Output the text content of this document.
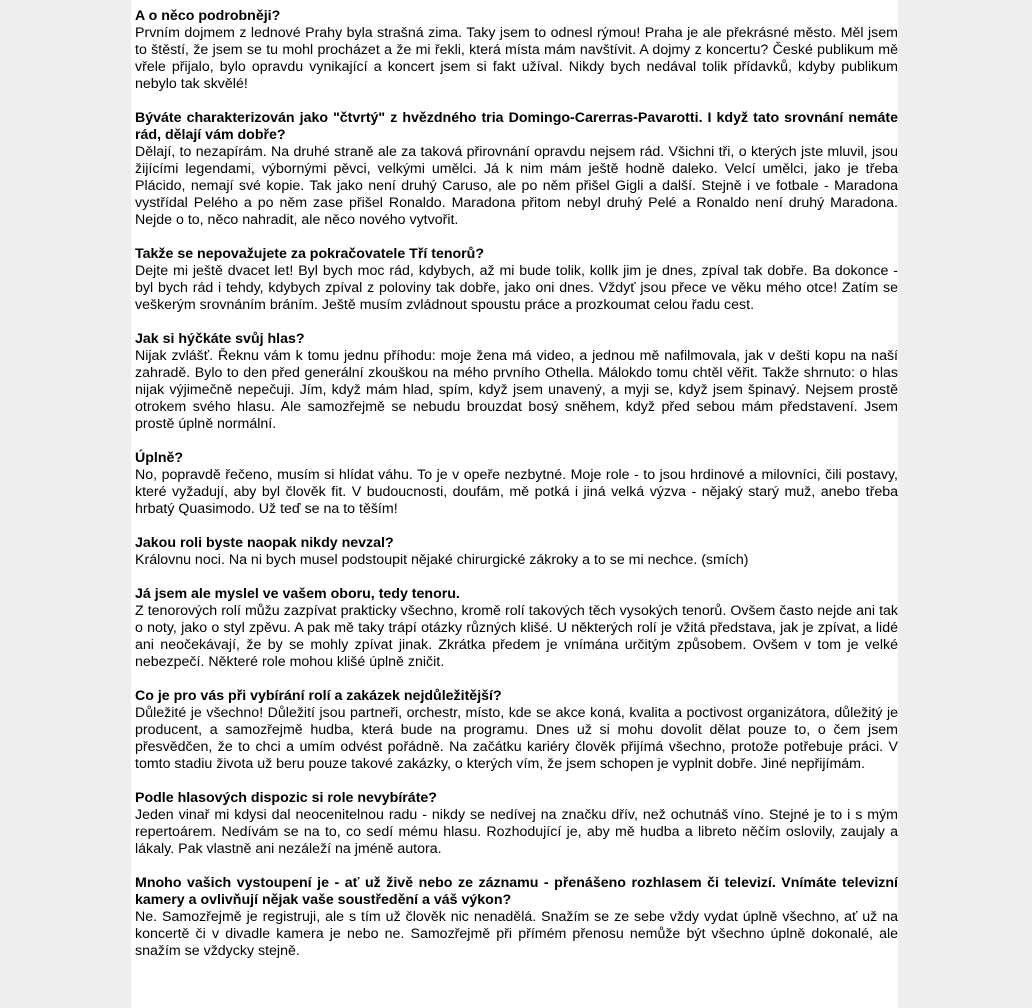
A o něco podrobněji?

Prvním dojmem z lednové Prahy byla strašná zima. Taky jsem to odnesl rýmou! Praha je ale překrásné město. Měl jsem to štěstí, že jsem se tu mohl procházet a že mi řekli, která místa mám navštívit. A dojmy z koncertu? České publikum mě vřele přijalo, bylo opravdu vynikající a koncert jsem si fakt užíval. Nikdy bych nedával tolik přídavků, kdyby publikum nebylo tak skvělé!

Býváte charakterizován jako "čtvrtý" z hvězdného tria Domingo-Carerras-Pavarotti. I když tato srovnání nemáte rád, dělají vám dobře?

Dělají, to nezapírám. Na druhé straně ale za taková přirovnání opravdu nejsem rád. Všichni tři, o kterých jste mluvil, jsou žijícími legendami, výbornými pěvci, velkými umělci. Já k nim mám ještě hodně daleko. Velcí umělci, jako je třeba Plácido, nemají své kopie. Tak jako není druhý Caruso, ale po něm přišel Gigli a další. Stejně i ve fotbale - Maradona vystřídal Pelého a po něm zase přišel Ronaldo. Maradona přitom nebyl druhý Pelé a Ronaldo není druhý Maradona. Nejde o to, něco nahradit, ale něco nového vytvořit.

Takže se nepovažujete za pokračovatele Tří tenorů?

Dejte mi ještě dvacet let! Byl bych moc rád, kdybych, až mi bude tolik, kollk jim je dnes, zpíval tak dobře. Ba dokonce - byl bych rád i tehdy, kdybych zpíval z poloviny tak dobře, jako oni dnes. Vždyť jsou přece ve věku mého otce! Zatím se veškerým srovnáním bráním. Ještě musím zvládnout spoustu práce a prozkoumat celou řadu cest.

Jak si hýčkáte svůj hlas?

Nijak zvlášť. Řeknu vám k tomu jednu příhodu: moje žena má video, a jednou mě nafilmovala, jak v dešti kopu na naší zahradě. Bylo to den před generální zkouškou na mého prvního Othella. Málokdo tomu chtěl věřit. Takže shrnuto: o hlas nijak výjimečně nepečuji. Jím, když mám hlad, spím, když jsem unavený, a myji se, když jsem špinavý. Nejsem prostě otrokem svého hlasu. Ale samozřejmě se nebudu brouzdat bosý sněhem, když před sebou mám představení. Jsem prostě úplně normální.

Úplně?

No, popravdě řečeno, musím si hlídat váhu. To je v opeře nezbytné. Moje role - to jsou hrdinové a milovníci, čili postavy, které vyžadují, aby byl člověk fit. V budoucnosti, doufám, mě potká i jiná velká výzva - nějaký starý muž, anebo třeba hrbatý Quasimodo. Už teď se na to těším!

Jakou roli byste naopak nikdy nevzal?

Královnu noci. Na ni bych musel podstoupit nějaké chirurgické zákroky a to se mi nechce. (smích)

Já jsem ale myslel ve vašem oboru, tedy tenoru.

Z tenorových rolí můžu zazpívat prakticky všechno, kromě rolí takových těch vysokých tenorů. Ovšem často nejde ani tak o noty, jako o styl zpěvu. A pak mě taky trápí otázky různých klišé. U některých rolí je vžitá představa, jak je zpívat, a lidé ani neočekávají, že by se mohly zpívat jinak. Zkrátka předem je vnímána určitým způsobem. Ovšem v tom je velké nebezpečí. Některé role mohou klišé úplně zničit.

Co je pro vás při vybírání rolí a zakázek nejdůležitější?

Důležité je všechno! Důležití jsou partneři, orchestr, místo, kde se akce koná, kvalita a poctivost organizátora, důležitý je producent, a samozřejmě hudba, která bude na programu. Dnes už si mohu dovolit dělat pouze to, o čem jsem přesvědčen, že to chci a umím odvést pořádně. Na začátku kariéry člověk přijímá všechno, protože potřebuje práci. V tomto stadiu života už beru pouze takové zakázky, o kterých vím, že jsem schopen je vyplnit dobře. Jiné nepřijímám.

Podle hlasových dispozic si role nevybíráte?

Jeden vinař mi kdysi dal neocenitelnou radu - nikdy se nedívej na značku dřív, než ochutnáš víno. Stejné je to i s mým repertoárem. Nedívám se na to, co sedí mému hlasu. Rozhodující je, aby mě hudba a libreto něčím oslovily, zaujaly a lákaly. Pak vlastně ani nezáleží na jméně autora.

Mnoho vašich vystoupení je - ať už živě nebo ze záznamu - přenášeno rozhlasem či televizí. Vnímáte televizní kamery a ovlivňují nějak vaše soustředění a váš výkon?

Ne. Samozřejmě je registruji, ale s tím už člověk nic nenadělá. Snažím se ze sebe vždy vydat úplně všechno, ať už na koncertě či v divadle kamera je nebo ne. Samozřejmě při přímém přenosu nemůže být všechno úplně dokonalé, ale snažím se vždycky stejně.
